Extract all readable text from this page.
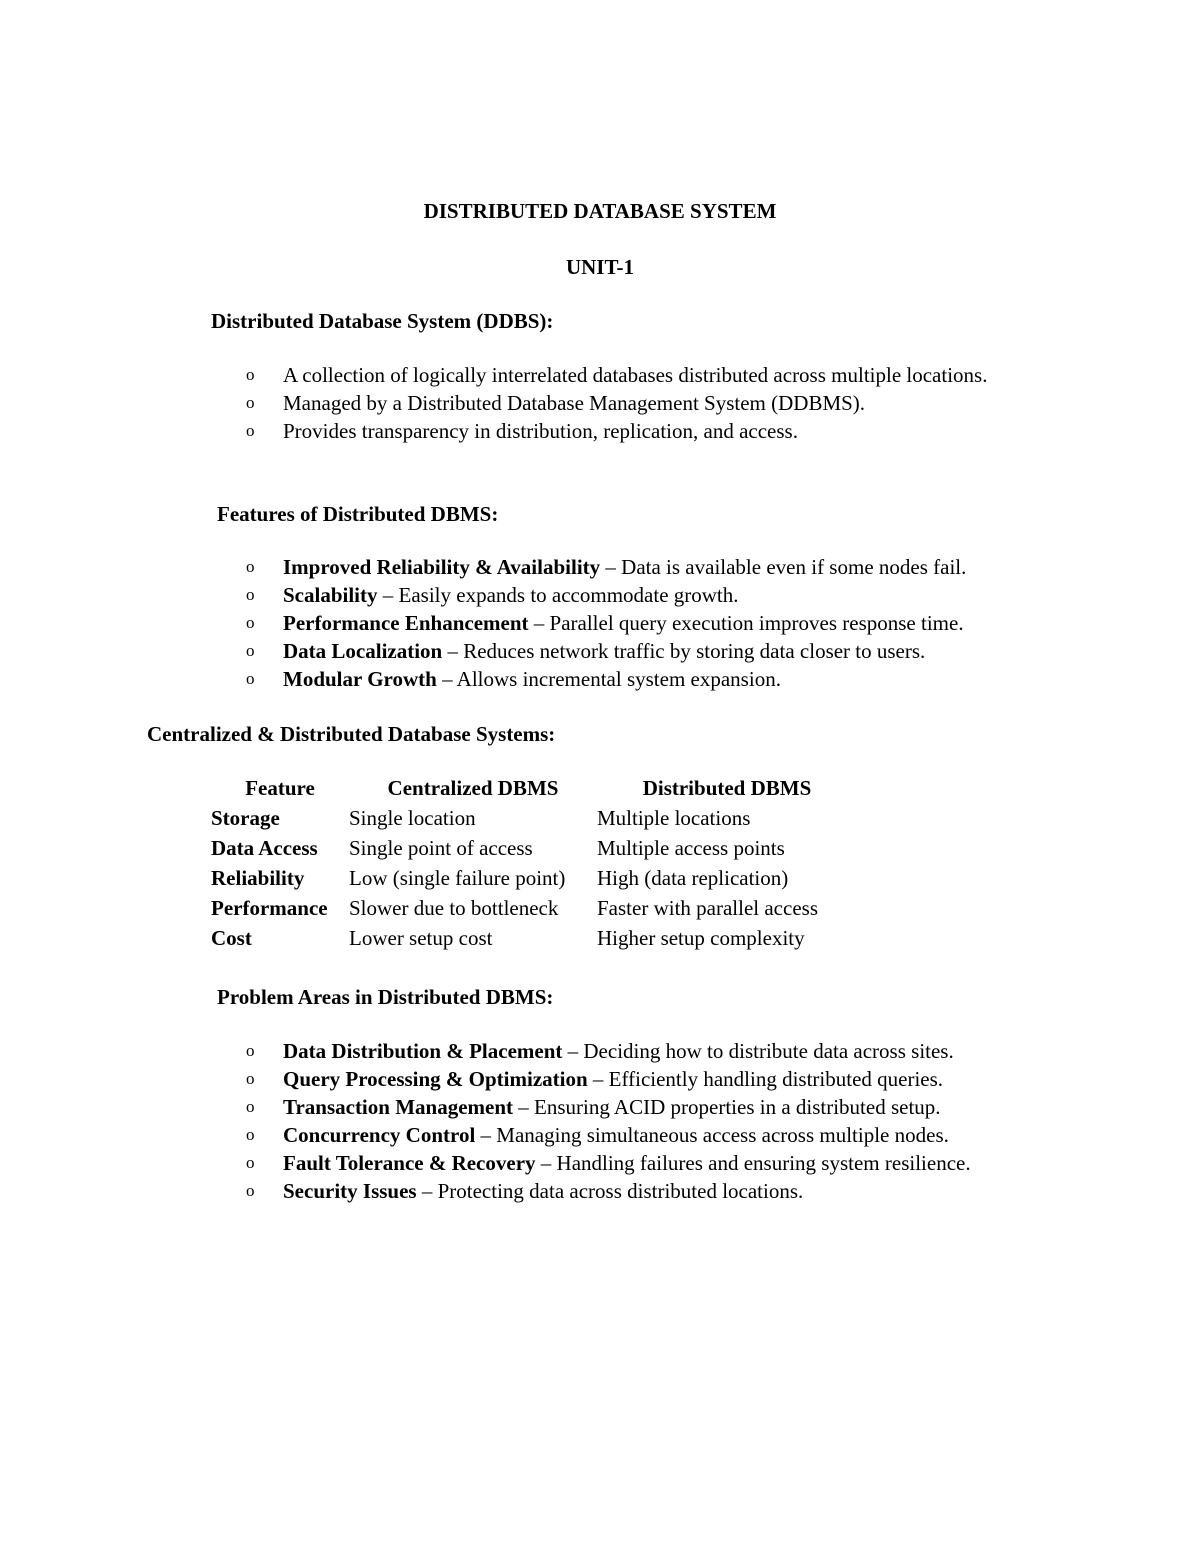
DISTRIBUTED DATABASE SYSTEM
UNIT-1
Distributed Database System (DDBS):
o A collection of logically interrelated databases distributed across multiple locations.
o Managed by a Distributed Database Management System (DDBMS).
o Provides transparency in distribution, replication, and access.
Features of Distributed DBMS:
o Improved Reliability & Availability – Data is available even if some nodes fail.
o Scalability – Easily expands to accommodate growth.
o Performance Enhancement – Parallel query execution improves response time.
o Data Localization – Reduces network traffic by storing data closer to users.
o Modular Growth – Allows incremental system expansion.
Centralized & Distributed Database Systems:
Feature	Centralized DBMS	Distributed DBMS
Storage	Single location	Multiple locations
Data Access	Single point of access	Multiple access points
Reliability	Low (single failure point)	High (data replication)
Performance	Slower due to bottleneck	Faster with parallel access
Cost	Lower setup cost	Higher setup complexity
Problem Areas in Distributed DBMS:
o Data Distribution & Placement – Deciding how to distribute data across sites.
o Query Processing & Optimization – Efficiently handling distributed queries.
o Transaction Management – Ensuring ACID properties in a distributed setup.
o Concurrency Control – Managing simultaneous access across multiple nodes.
o Fault Tolerance & Recovery – Handling failures and ensuring system resilience.
o Security Issues – Protecting data across distributed locations.
